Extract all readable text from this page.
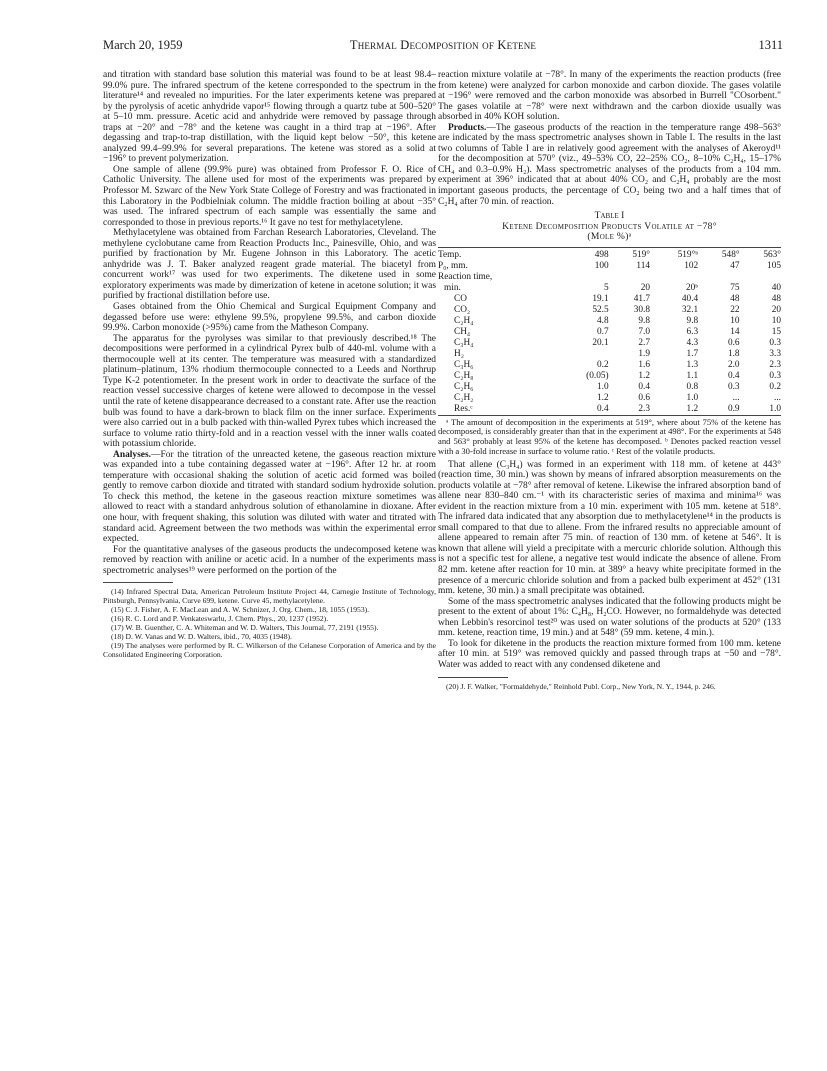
March 20, 1959	Thermal Decomposition of Ketene	1311

and titration with standard base solution this material was found to be at least 98.4–99.0% pure. The infrared spectrum of the ketene corresponded to the spectrum in the literature¹⁴ and revealed no impurities. For the later experiments ketene was prepared by the pyrolysis of acetic anhydride vapor¹⁵ flowing through a quartz tube at 500–520° at 5–10 mm. pressure. Acetic acid and anhydride were removed by passage through traps at −20° and −78° and the ketene was caught in a third trap at −196°. After degassing and trap-to-trap distillation, with the liquid kept below −50°, this ketene analyzed 99.4–99.9% for several preparations. The ketene was stored as a solid at −196° to prevent polymerization.

One sample of allene (99.9% pure) was obtained from Professor F. O. Rice of Catholic University. The allene used for most of the experiments was prepared by Professor M. Szwarc of the New York State College of Forestry and was fractionated in this Laboratory in the Podbielniak column. The middle fraction boiling at about −35° was used. The infrared spectrum of each sample was essentially the same and corresponded to those in previous reports.¹⁶ It gave no test for methylacetylene.

Methylacetylene was obtained from Farchan Research Laboratories, Cleveland. The methylene cyclobutane came from Reaction Products Inc., Painesville, Ohio, and was purified by fractionation by Mr. Eugene Johnson in this Laboratory. The acetic anhydride was J. T. Baker analyzed reagent grade material. The biacetyl from concurrent work¹⁷ was used for two experiments. The diketene used in some exploratory experiments was made by dimerization of ketene in acetone solution; it was purified by fractional distillation before use.

Gases obtained from the Ohio Chemical and Surgical Equipment Company and degassed before use were: ethylene 99.5%, propylene 99.5%, and carbon dioxide 99.9%. Carbon monoxide (>95%) came from the Matheson Company.

The apparatus for the pyrolyses was similar to that previously described.¹⁸ The decompositions were performed in a cylindrical Pyrex bulb of 440-ml. volume with a thermocouple well at its center. The temperature was measured with a standardized platinum–platinum, 13% rhodium thermocouple connected to a Leeds and Northrup Type K-2 potentiometer. In the present work in order to deactivate the surface of the reaction vessel successive charges of ketene were allowed to decompose in the vessel until the rate of ketene disappearance decreased to a constant rate. After use the reaction bulb was found to have a dark-brown to black film on the inner surface. Experiments were also carried out in a bulb packed with thin-walled Pyrex tubes which increased the surface to volume ratio thirty-fold and in a reaction vessel with the inner walls coated with potassium chloride.

Analyses.—For the titration of the unreacted ketene, the gaseous reaction mixture was expanded into a tube containing degassed water at −196°. After 12 hr. at room temperature with occasional shaking the solution of acetic acid formed was boiled gently to remove carbon dioxide and titrated with standard sodium hydroxide solution. To check this method, the ketene in the gaseous reaction mixture sometimes was allowed to react with a standard anhydrous solution of ethanolamine in dioxane. After one hour, with frequent shaking, this solution was diluted with water and titrated with standard acid. Agreement between the two methods was within the experimental error expected.

For the quantitative analyses of the gaseous products the undecomposed ketene was removed by reaction with aniline or acetic acid. In a number of the experiments mass spectrometric analyses¹⁹ were performed on the portion of the

(14) Infrared Spectral Data, American Petroleum Institute Project 44, Carnegie Institute of Technology, Pittsburgh, Pennsylvania, Curve 699, ketene. Curve 45, methylacetylene.

(15) C. J. Fisher, A. F. MacLean and A. W. Schnizer, J. Org. Chem., 18, 1055 (1953).

(16) R. C. Lord and P. Venkateswarlu, J. Chem. Phys., 20, 1237 (1952).

(17) W. B. Guenther, C. A. Whiteman and W. D. Walters, This Journal, 77, 2191 (1955).

(18) D. W. Vanas and W. D. Walters, ibid., 70, 4035 (1948).

(19) The analyses were performed by R. C. Wilkerson of the Celanese Corporation of America and by the Consolidated Engineering Corporation.

reaction mixture volatile at −78°. In many of the experiments the reaction products (free from ketene) were analyzed for carbon monoxide and carbon dioxide. The gases volatile at −196° were removed and the carbon monoxide was absorbed in Burrell "COsorbent." The gases volatile at −78° were next withdrawn and the carbon dioxide usually was absorbed in 40% KOH solution.

Products.—The gaseous products of the reaction in the temperature range 498–563° are indicated by the mass spectrometric analyses shown in Table I. The results in the last two columns of Table I are in relatively good agreement with the analyses of Akeroyd¹¹ for the decomposition at 570° (viz., 49–53% CO, 22–25% CO₂, 8–10% C₂H₄, 15–17% CH₄ and 0.3–0.9% H₂). Mass spectrometric analyses of the products from a 104 mm. experiment at 396° indicated that at about 40% CO₂ and C₂H₄ probably are the most important gaseous products, the percentage of CO₂ being two and a half times that of C₂H₄ after 70 min. of reaction.

Table I
Ketene Decomposition Products Volatile at −78°
(Mole %)ᵃ

Temp.	498	519°	519°ᵇ	548°	563°
P₀, mm.	100	114	102	47	105
Reaction time,					
min.	5	20	20ᵇ	75	40
CO	19.1	41.7	40.4	48	48
CO₂	52.5	30.8	32.1	22	20
C₂H₄	4.8	9.8	9.8	10	10
CH₄	0.7	7.0	6.3	14	15
C₃H₄	20.1	2.7	4.3	0.6	0.3
H₂		1.9	1.7	1.8	3.3
C₃H₆	0.2	1.6	1.3	2.0	2.3
C₂H₈	(0.05)	1.2	1.1	0.4	0.3
C₂H₆	1.0	0.4	0.8	0.3	0.2
C₂H₂	1.2	0.6	1.0	...	...
Res.ᶜ	0.4	2.3	1.2	0.9	1.0

ᵃ The amount of decomposition in the experiments at 519°, where about 75% of the ketene has decomposed, is considerably greater than that in the experiment at 498°. For the experiments at 548 and 563° probably at least 95% of the ketene has decomposed. ᵇ Denotes packed reaction vessel with a 30-fold increase in surface to volume ratio. ᶜ Rest of the volatile products.

That allene (C₃H₄) was formed in an experiment with 118 mm. of ketene at 443° (reaction time, 30 min.) was shown by means of infrared absorption measurements on the products volatile at −78° after removal of ketene. Likewise the infrared absorption band of allene near 830–840 cm.⁻¹ with its characteristic series of maxima and minima¹⁶ was evident in the reaction mixture from a 10 min. experiment with 105 mm. ketene at 518°. The infrared data indicated that any absorption due to methylacetylene¹⁴ in the products is small compared to that due to allene. From the infrared results no appreciable amount of allene appeared to remain after 75 min. of reaction of 130 mm. of ketene at 546°. It is known that allene will yield a precipitate with a mercuric chloride solution. Although this is not a specific test for allene, a negative test would indicate the absence of allene. From 82 mm. ketene after reaction for 10 min. at 389° a heavy white precipitate formed in the presence of a mercuric chloride solution and from a packed bulb experiment at 452° (131 mm. ketene, 30 min.) a small precipitate was obtained.

Some of the mass spectrometric analyses indicated that the following products might be present to the extent of about 1%: C₄H₈, H₂CO. However, no formaldehyde was detected when Lebbin's resorcinol test²⁰ was used on water solutions of the products at 520° (133 mm. ketene, reaction time, 19 min.) and at 548° (59 mm. ketene, 4 min.).

To look for diketene in the products the reaction mixture formed from 100 mm. ketene after 10 min. at 519° was removed quickly and passed through traps at −50 and −78°. Water was added to react with any condensed diketene and

(20) J. F. Walker, "Formaldehyde," Reinhold Publ. Corp., New York, N. Y., 1944, p. 246.
